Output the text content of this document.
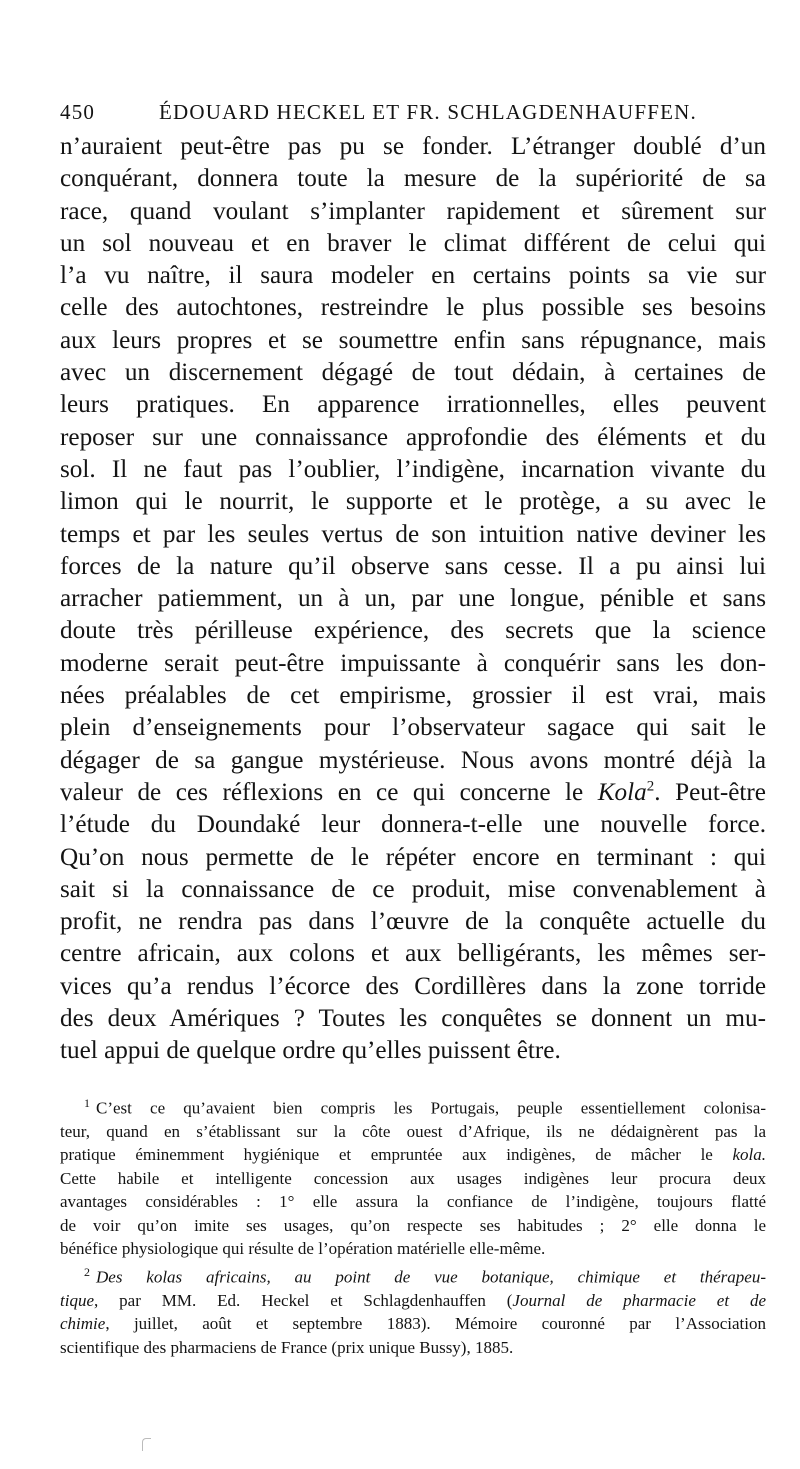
450	ÉDOUARD HECKEL ET FR. SCHLAGDENHAUFFEN.
n’auraient peut-être pas pu se fonder. L’étranger doublé d’un
conquérant, donnera toute la mesure de la supériorité de sa
race, quand voulant s’implanter rapidement et sûrement sur
un sol nouveau et en braver le climat différent de celui qui
l’a vu naître, il saura modeler en certains points sa vie sur
celle des autochtones, restreindre le plus possible ses besoins
aux leurs propres et se soumettre enfin sans répugnance, mais
avec un discernement dégagé de tout dédain, à certaines de
leurs pratiques. En apparence irrationnelles, elles peuvent
reposer sur une connaissance approfondie des éléments et du
sol. Il ne faut pas l’oublier, l’indigène, incarnation vivante du
limon qui le nourrit, le supporte et le protège, a su avec le
temps et par les seules vertus de son intuition native deviner les
forces de la nature qu’il observe sans cesse. Il a pu ainsi lui
arracher patiemment, un à un, par une longue, pénible et sans
doute très périlleuse expérience, des secrets que la science
moderne serait peut-être impuissante à conquérir sans les don-
nées préalables de cet empirisme, grossier il est vrai, mais
plein d’enseignements pour l’observateur sagace qui sait le
dégager de sa gangue mystérieuse. Nous avons montré déjà la
valeur de ces réflexions en ce qui concerne le Kola$^2$. Peut-être
l’étude du Doundaké leur donnera-t-elle une nouvelle force.
Qu’on nous permette de le répéter encore en terminant : qui
sait si la connaissance de ce produit, mise convenablement à
profit, ne rendra pas dans l’œuvre de la conquête actuelle du
centre africain, aux colons et aux belligérants, les mêmes ser-
vices qu’a rendus l’écorce des Cordillères dans la zone torride
des deux Amériques ? Toutes les conquêtes se donnent un mu-
tuel appui de quelque ordre qu’elles puissent être.
$^1$ C’est ce qu’avaient bien compris les Portugais, peuple essentiellement colonisa-
teur, quand en s’établissant sur la côte ouest d’Afrique, ils ne dédaignèrent pas la
pratique éminemment hygiénique et empruntée aux indigènes, de mâcher le kola.
Cette habile et intelligente concession aux usages indigènes leur procura deux
avantages considérables : 1° elle assura la confiance de l’indigène, toujours flatté
de voir qu’on imite ses usages, qu’on respecte ses habitudes ; 2° elle donna le
bénéfice physiologique qui résulte de l’opération matérielle elle-même.
$^2$ Des kolas africains, au point de vue botanique, chimique et thérapeu-
tique, par MM. Ed. Heckel et Schlagdenhauffen (Journal de pharmacie et de
chimie, juillet, août et septembre 1883). Mémoire couronné par l’Association
scientifique des pharmaciens de France (prix unique Bussy), 1885.
